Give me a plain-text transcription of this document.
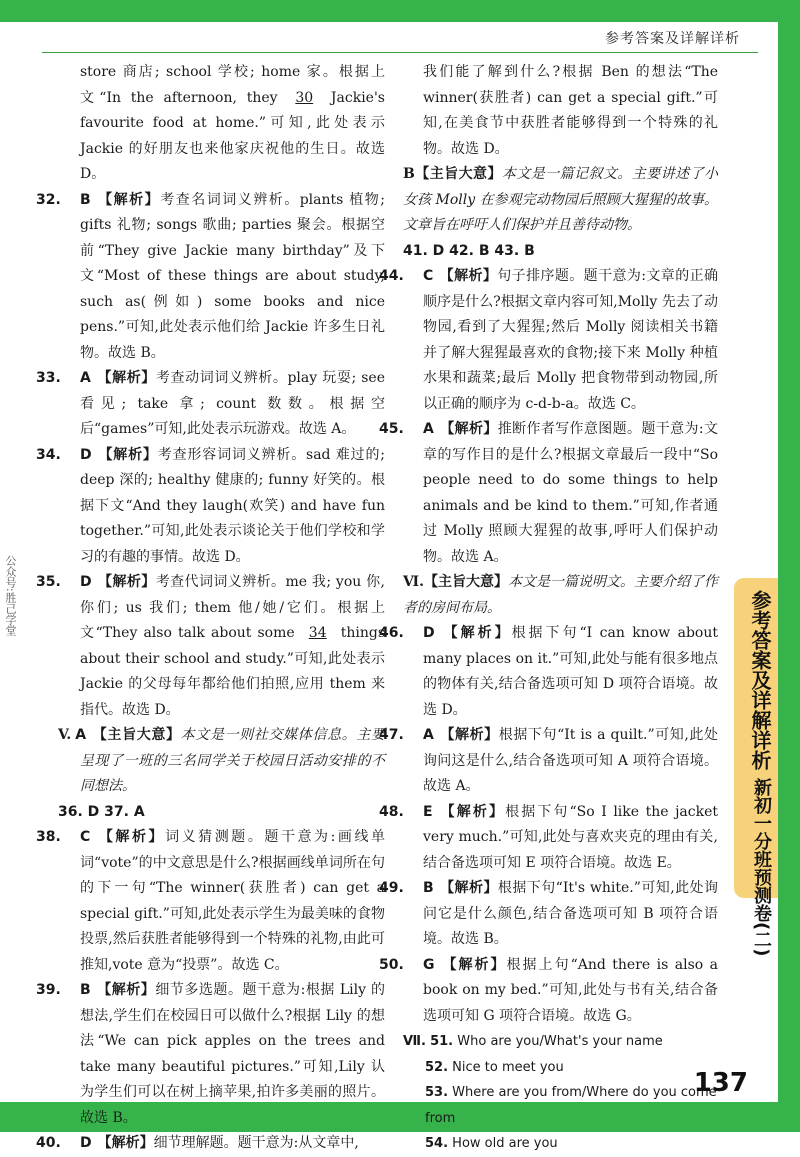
参考答案及详解详析
公众号:胜己学堂

store 商店; school 学校; home 家。根据上文“In the afternoon, they 30 Jackie's favourite food at home.”可知,此处表示 Jackie 的好朋友也来他家庆祝他的生日。故选 D。

32. B 【解析】考查名词词义辨析。plants 植物; gifts 礼物; songs 歌曲; parties 聚会。根据空前“They give Jackie many birthday”及下文“Most of these things are about study, such as(例如) some books and nice pens.”可知,此处表示他们给 Jackie 许多生日礼物。故选 B。
33. A 【解析】考查动词词义辨析。play 玩耍; see 看见; take 拿; count 数数。根据空后“games”可知,此处表示玩游戏。故选 A。
34. D 【解析】考查形容词词义辨析。sad 难过的; deep 深的; healthy 健康的; funny 好笑的。根据下文“And they laugh(欢笑) and have fun together.”可知,此处表示谈论关于他们学校和学习的有趣的事情。故选 D。
35. D 【解析】考查代词词义辨析。me 我; you 你,你们; us 我们; them 他/她/它们。根据上文“They also talk about some 34 things about their school and study.”可知,此处表示 Jackie 的父母每年都给他们拍照,应用 them 来指代。故选 D。
V. A 【主旨大意】本文是一则社交媒体信息。主要呈现了一班的三名同学关于校园日活动安排的不同想法。

36. D 37. A

38. C 【解析】词义猜测题。题干意为:画线单词“vote”的中文意思是什么?根据画线单词所在句的下一句“The winner(获胜者) can get a special gift.”可知,此处表示学生为最美味的食物投票,然后获胜者能够得到一个特殊的礼物,由此可推知,vote 意为“投票”。故选 C。
39. B 【解析】细节多选题。题干意为:根据 Lily 的想法,学生们在校园日可以做什么?根据 Lily 的想法“We can pick apples on the trees and take many beautiful pictures.”可知,Lily 认为学生们可以在树上摘苹果,拍许多美丽的照片。故选 B。
40. D 【解析】细节理解题。题干意为:从文章中,

我们能了解到什么?根据 Ben 的想法“The winner(获胜者) can get a special gift.”可知,在美食节中获胜者能够得到一个特殊的礼物。故选 D。

B【主旨大意】本文是一篇记叙文。主要讲述了小女孩 Molly 在参观完动物园后照顾大猩猩的故事。文章旨在呼吁人们保护并且善待动物。

41. D 42. B 43. B

44. C 【解析】句子排序题。题干意为:文章的正确顺序是什么?根据文章内容可知,Molly 先去了动物园,看到了大猩猩;然后 Molly 阅读相关书籍并了解大猩猩最喜欢的食物;接下来 Molly 种植水果和蔬菜;最后 Molly 把食物带到动物园,所以正确的顺序为 c-d-b-a。故选 C。
45. A 【解析】推断作者写作意图题。题干意为:文章的写作目的是什么?根据文章最后一段中“So people need to do some things to help animals and be kind to them.”可知,作者通过 Molly 照顾大猩猩的故事,呼吁人们保护动物。故选 A。

Ⅵ.【主旨大意】本文是一篇说明文。主要介绍了作者的房间布局。

46. D 【解析】根据下句“I can know about many places on it.”可知,此处与能有很多地点的物体有关,结合备选项可知 D 项符合语境。故选 D。
47. A 【解析】根据下句“It is a quilt.”可知,此处询问这是什么,结合备选项可知 A 项符合语境。故选 A。
48. E 【解析】根据下句“So I like the jacket very much.”可知,此处与喜欢夹克的理由有关,结合备选项可知 E 项符合语境。故选 E。
49. B 【解析】根据下句“It's white.”可知,此处询问它是什么颜色,结合备选项可知 B 项符合语境。故选 B。
50. G 【解析】根据上句“And there is also a book on my bed.”可知,此处与书有关,结合备选项可知 G 项符合语境。故选 G。
Ⅶ. 51. Who are you/What's your name
52. Nice to meet you
53. Where are you from/Where do you come from
54. How old are you
参考答案及详解详析
新初一分班预测卷(二)
137
